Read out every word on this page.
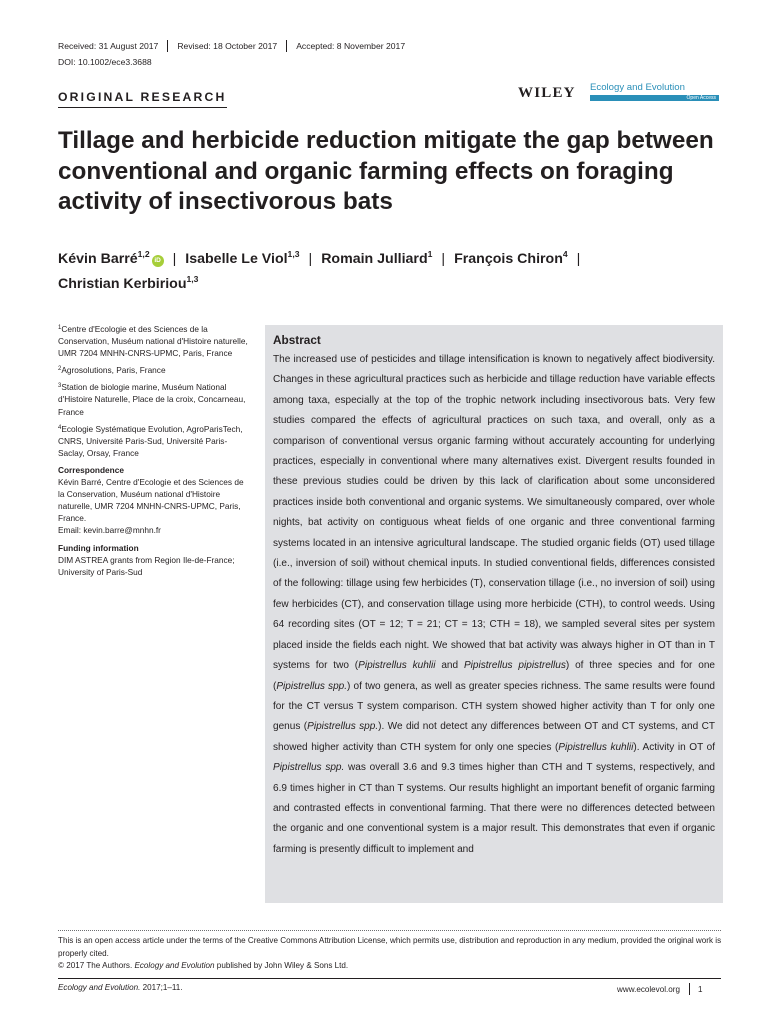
Received: 31 August 2017 Revised: 18 October 2017 Accepted: 8 November 2017
DOI: 10.1002/ece3.3688
ORIGINAL RESEARCH	WILEY Ecology and Evolution
Open Access
Tillage and herbicide reduction mitigate the gap between conventional and organic farming effects on foraging activity of insectivorous bats
Kévin Barré$^{1,2}$iD | Isabelle Le Viol$^{1,3}$ | Romain Julliard$^1$ | François Chiron$^4$ |
Christian Kerbiriou$^{1,3}$

$^1$Centre d'Ecologie et des Sciences de la Conservation, Muséum national d'Histoire naturelle, UMR 7204 MNHN-CNRS-UPMC, Paris, France

$^2$Agrosolutions, Paris, France

$^3$Station de biologie marine, Muséum National d'Histoire Naturelle, Place de la croix, Concarneau, France

$^4$Ecologie Systématique Evolution, AgroParisTech, CNRS, Université Paris-Sud, Université Paris-Saclay, Orsay, France

Correspondence

Kévin Barré, Centre d'Ecologie et des Sciences de la Conservation, Muséum national d'Histoire naturelle, UMR 7204 MNHN-CNRS-UPMC, Paris, France.

Email: kevin.barre@mnhn.fr

Funding information

DIM ASTREA grants from Region Ile-de-France; University of Paris-Sud

Abstract

The increased use of pesticides and tillage intensification is known to negatively affect biodiversity. Changes in these agricultural practices such as herbicide and tillage reduction have variable effects among taxa, especially at the top of the trophic network including insectivorous bats. Very few studies compared the effects of agricultural practices on such taxa, and overall, only as a comparison of conventional versus organic farming without accurately accounting for underlying practices, especially in conventional where many alternatives exist. Divergent results founded in these previous studies could be driven by this lack of clarification about some unconsidered practices inside both conventional and organic systems. We simultaneously compared, over whole nights, bat activity on contiguous wheat fields of one organic and three conventional farming systems located in an intensive agricultural landscape. The studied organic fields (OT) used tillage (i.e., inversion of soil) without chemical inputs. In studied conventional fields, differences consisted of the following: tillage using few herbicides (T), conservation tillage (i.e., no inversion of soil) using few herbicides (CT), and conservation tillage using more herbicide (CTH), to control weeds. Using 64 recording sites (OT = 12; T = 21; CT = 13; CTH = 18), we sampled several sites per system placed inside the fields each night. We showed that bat activity was always higher in OT than in T systems for two (Pipistrellus kuhlii and Pipistrellus pipistrellus) of three species and for one (Pipistrellus spp.) of two genera, as well as greater species richness. The same results were found for the CT versus T system comparison. CTH system showed higher activity than T for only one genus (Pipistrellus spp.). We did not detect any differences between OT and CT systems, and CT showed higher activity than CTH system for only one species (Pipistrellus kuhlii). Activity in OT of Pipistrellus spp. was overall 3.6 and 9.3 times higher than CTH and T systems, respectively, and 6.9 times higher in CT than T systems. Our results highlight an important benefit of organic farming and contrasted effects in conventional farming. That there were no differences detected between the organic and one conventional system is a major result. This demonstrates that even if organic farming is presently difficult to implement and

This is an open access article under the terms of the Creative Commons Attribution License, which permits use, distribution and reproduction in any medium, provided the original work is properly cited.
© 2017 The Authors. Ecology and Evolution published by John Wiley & Sons Ltd.
Ecology and Evolution. 2017;1–11.	www.ecolevol.org 1
